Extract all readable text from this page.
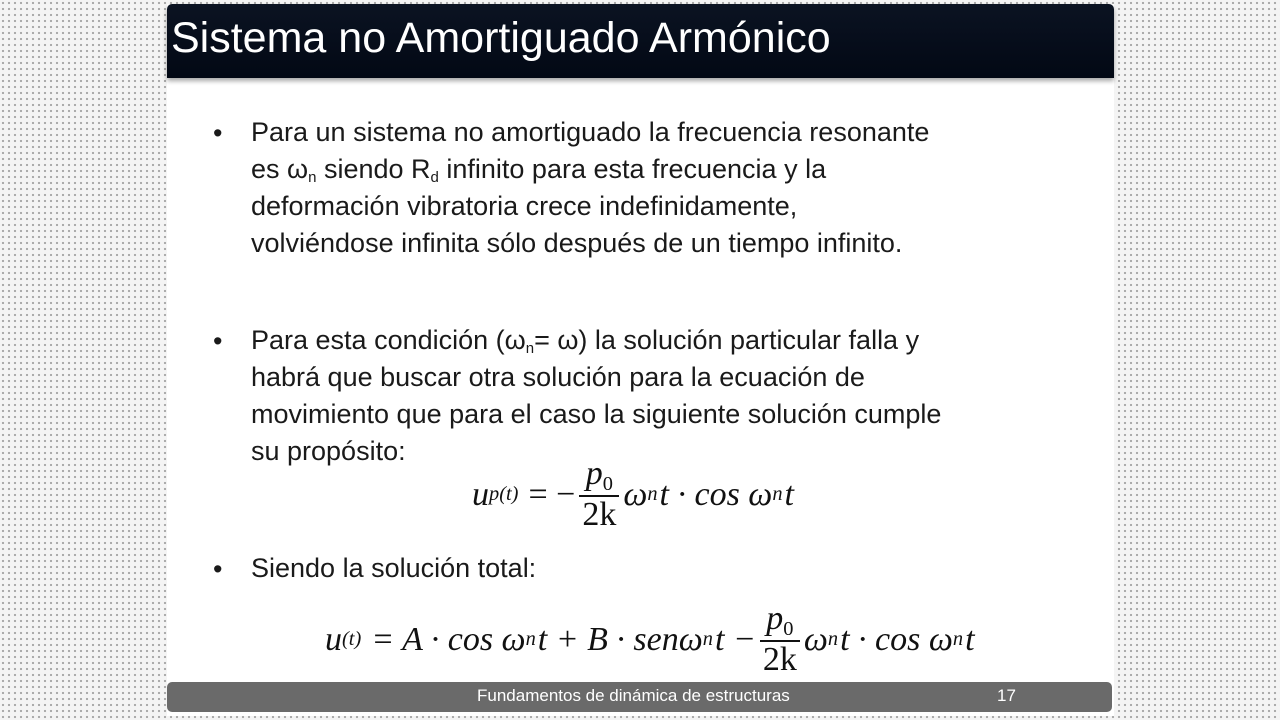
Sistema no Amortiguado Armónico
•	Para un sistema no amortiguado la frecuencia resonante
es $\omega_n$ siendo $R_d$ infinito para esta frecuencia y la
deformación vibratoria crece indefinidamente,
volviéndose infinita sólo después de un tiempo infinito.
•	Para esta condición $(\omega_n= \omega)$ la solución particular falla y
habrá que buscar otra solución para la ecuación de
movimiento que para el caso la siguiente solución cumple
su propósito:
u p(t) = − $\frac{p0}{2k}$ ω n t · cos ω n t
•	Siendo la solución total:
u (t) = A · cos ω n t + B · senω n $t - \frac{p0}{2k}$ ω n t · cos ω n t
Fundamentos de dinámica de estructuras	17
